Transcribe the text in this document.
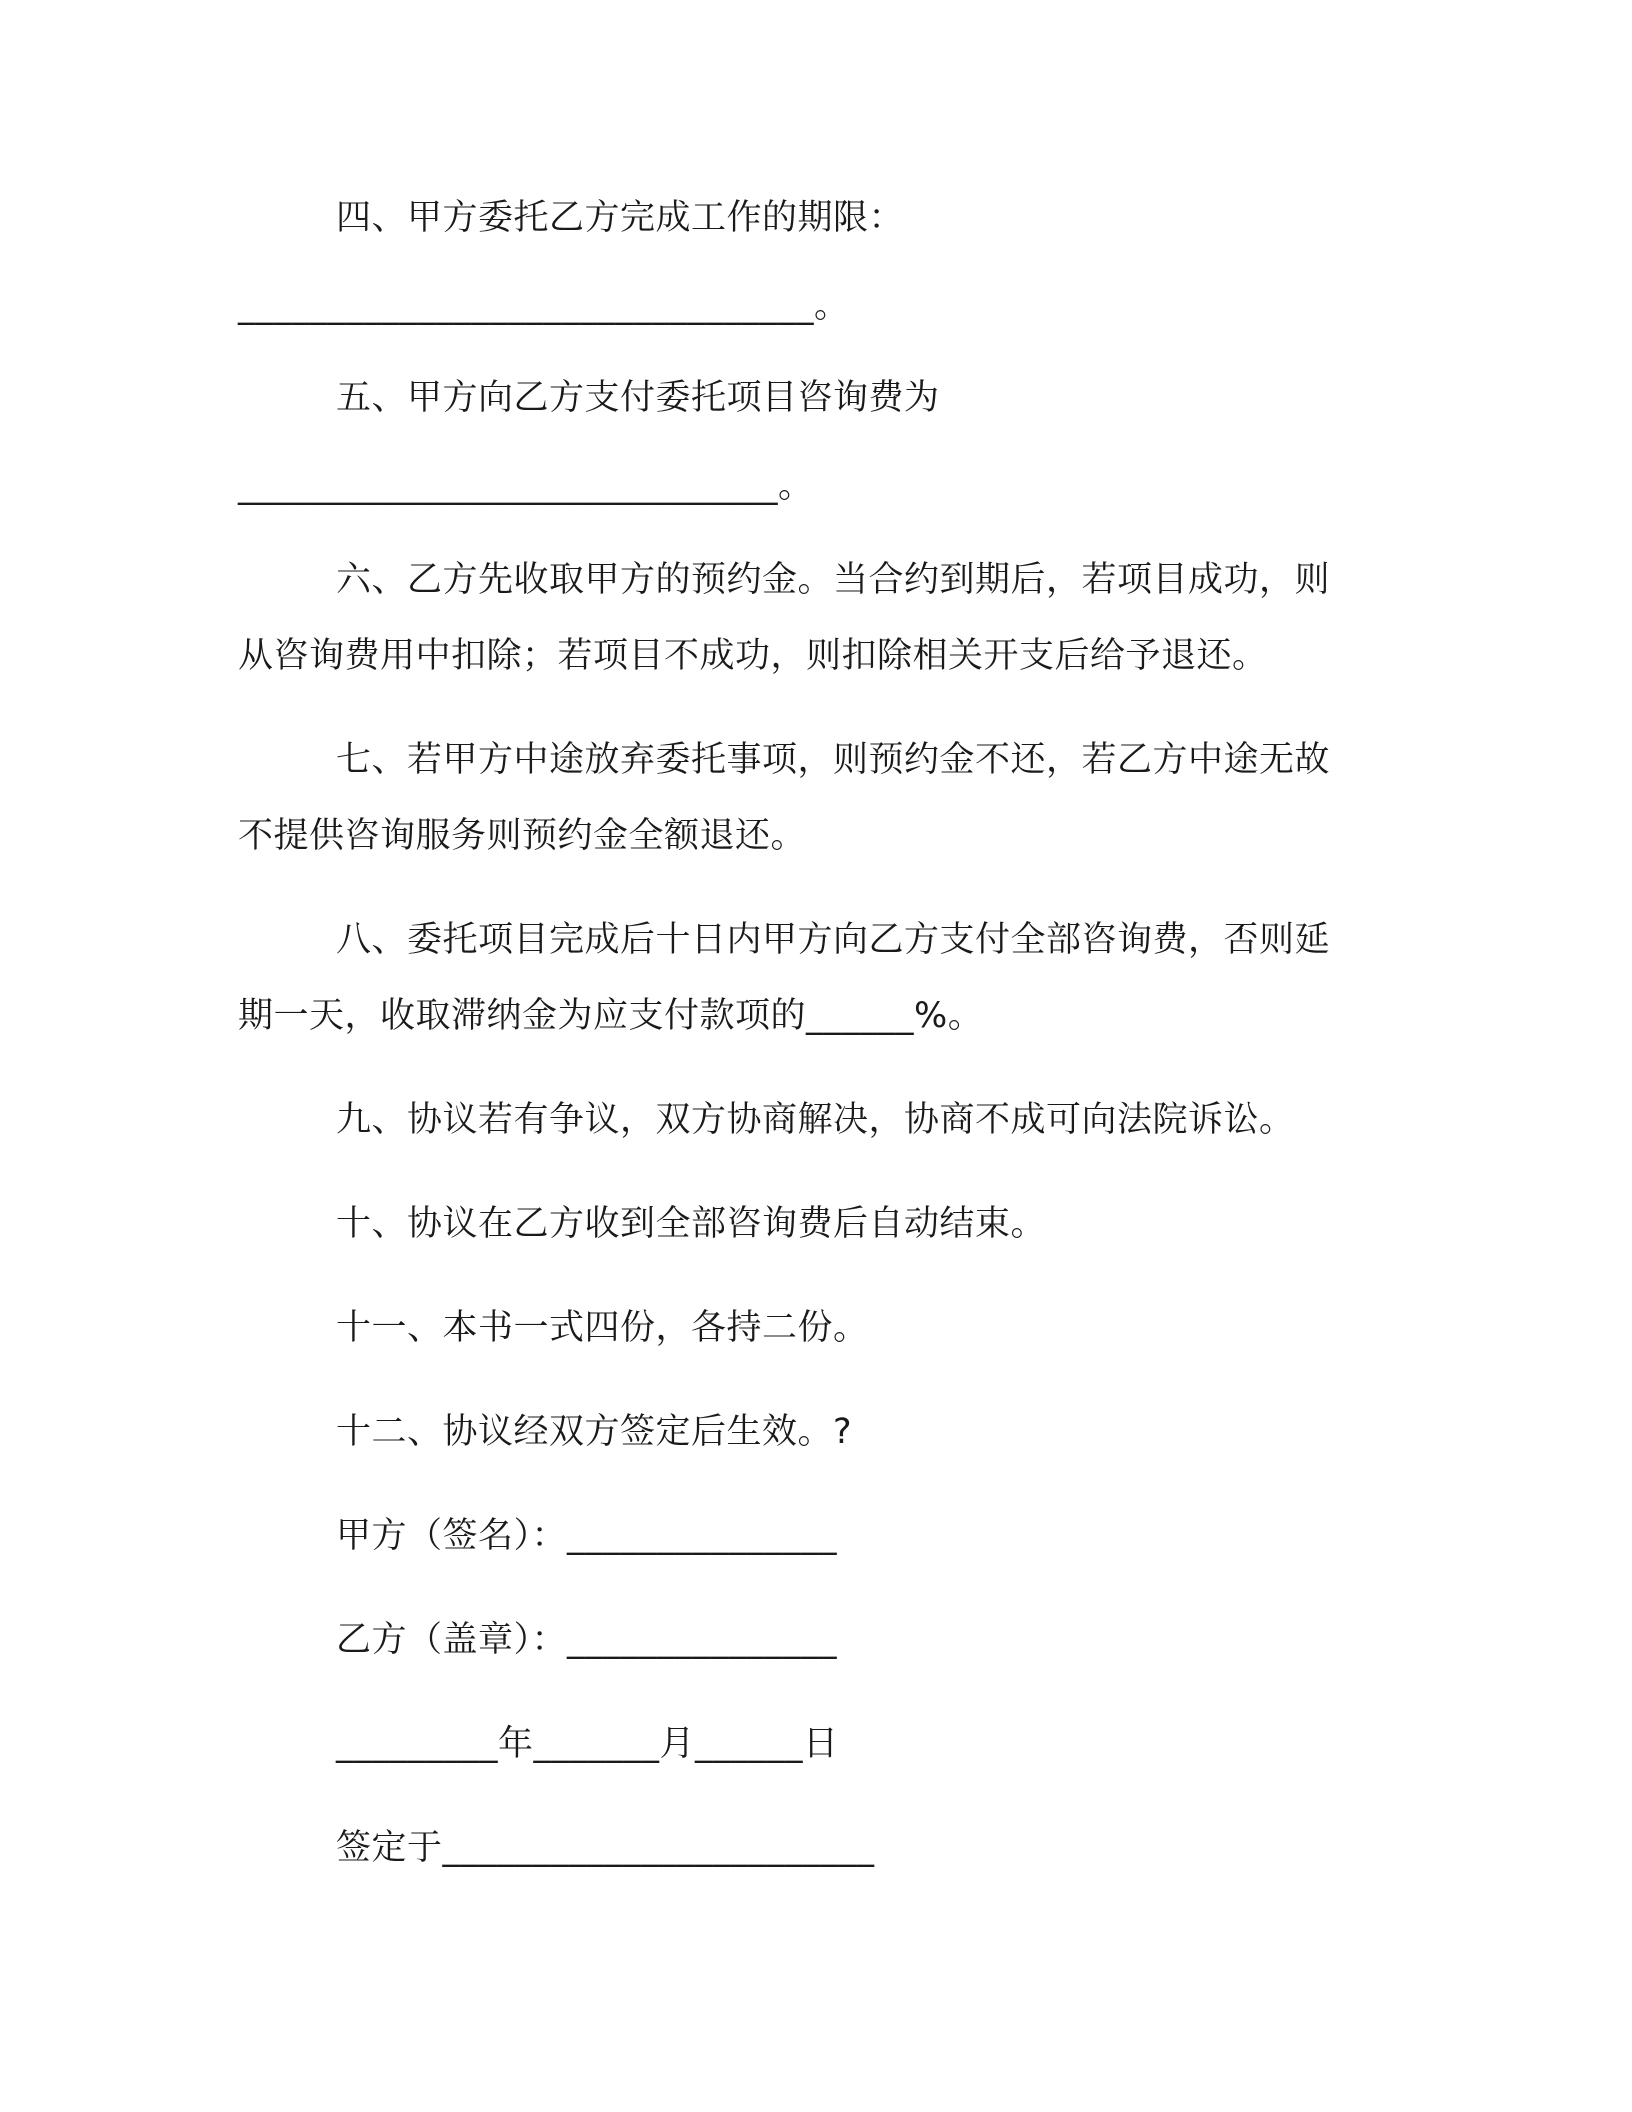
四、甲方委托乙方完成工作的期限：
________________________________。
五、甲方向乙方支付委托项目咨询费为
______________________________。
六、乙方先收取甲方的预约金。当合约到期后，若项目成功，则
从咨询费用中扣除；若项目不成功，则扣除相关开支后给予退还。
七、若甲方中途放弃委托事项，则预约金不还，若乙方中途无故
不提供咨询服务则预约金全额退还。
八、委托项目完成后十日内甲方向乙方支付全部咨询费，否则延
期一天，收取滞纳金为应支付款项的______%。
九、协议若有争议，双方协商解决，协商不成可向法院诉讼。
十、协议在乙方收到全部咨询费后自动结束。
十一、本书一式四份，各持二份。
十二、协议经双方签定后生效。?
甲方（签名）：_______________
乙方（盖章）：_______________
_________年_______月______日
签定于________________________
